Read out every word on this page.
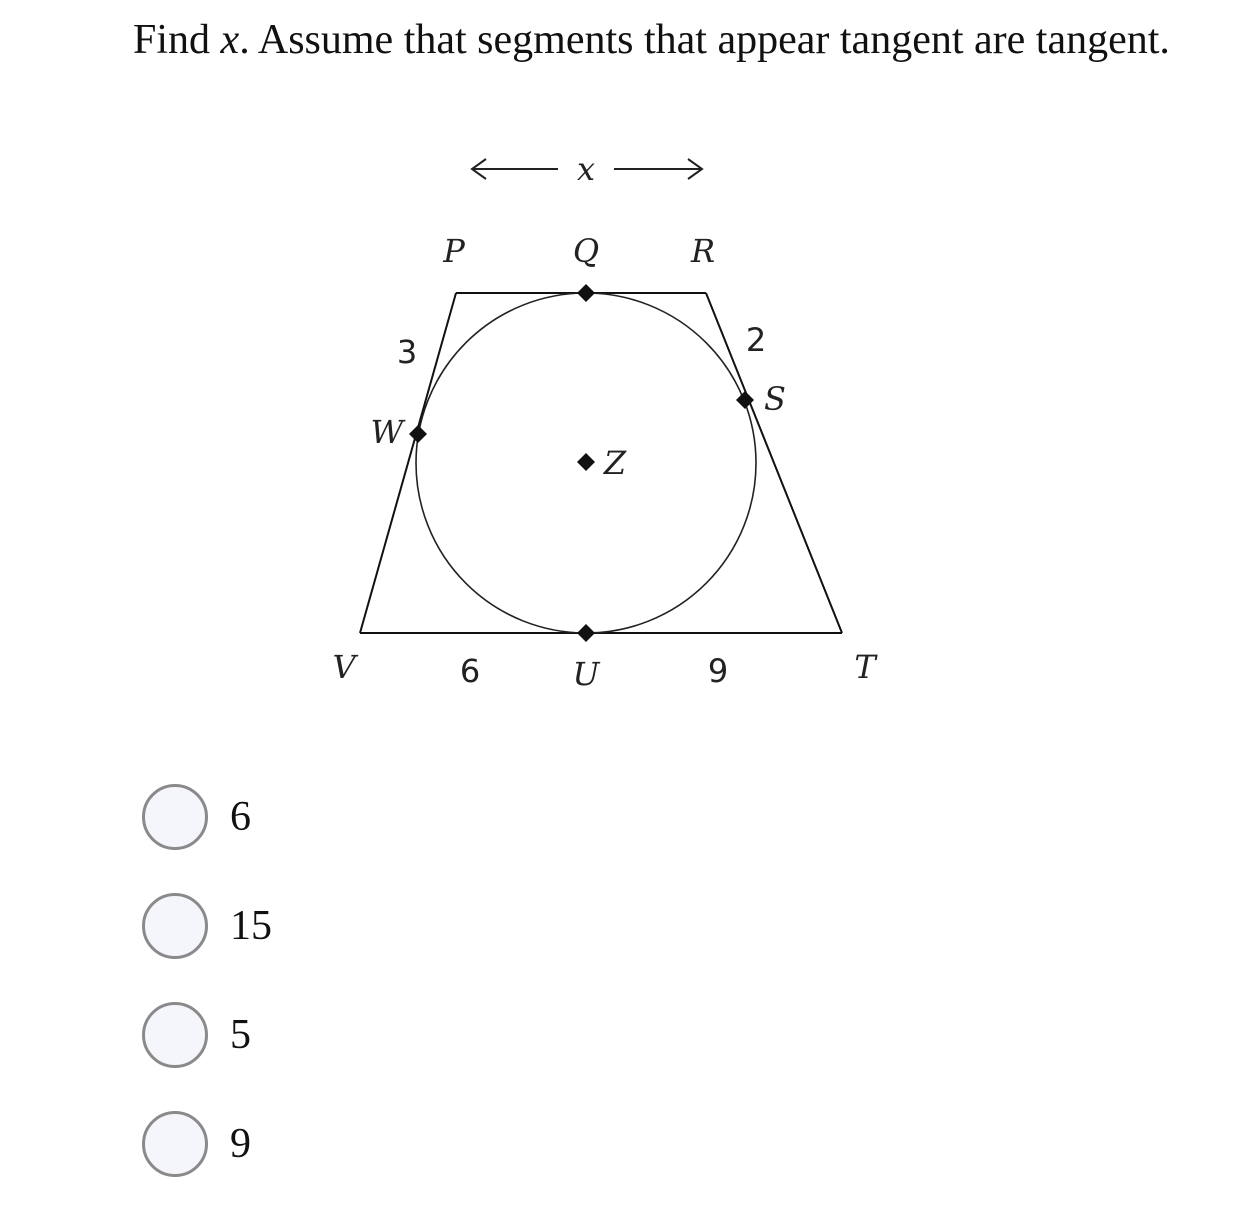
Find x. Assume that segments that appear tangent are tangent.

x
P	Q	R
S
W
Z
V	U	T
3	2
6	9
6
15
5
9
